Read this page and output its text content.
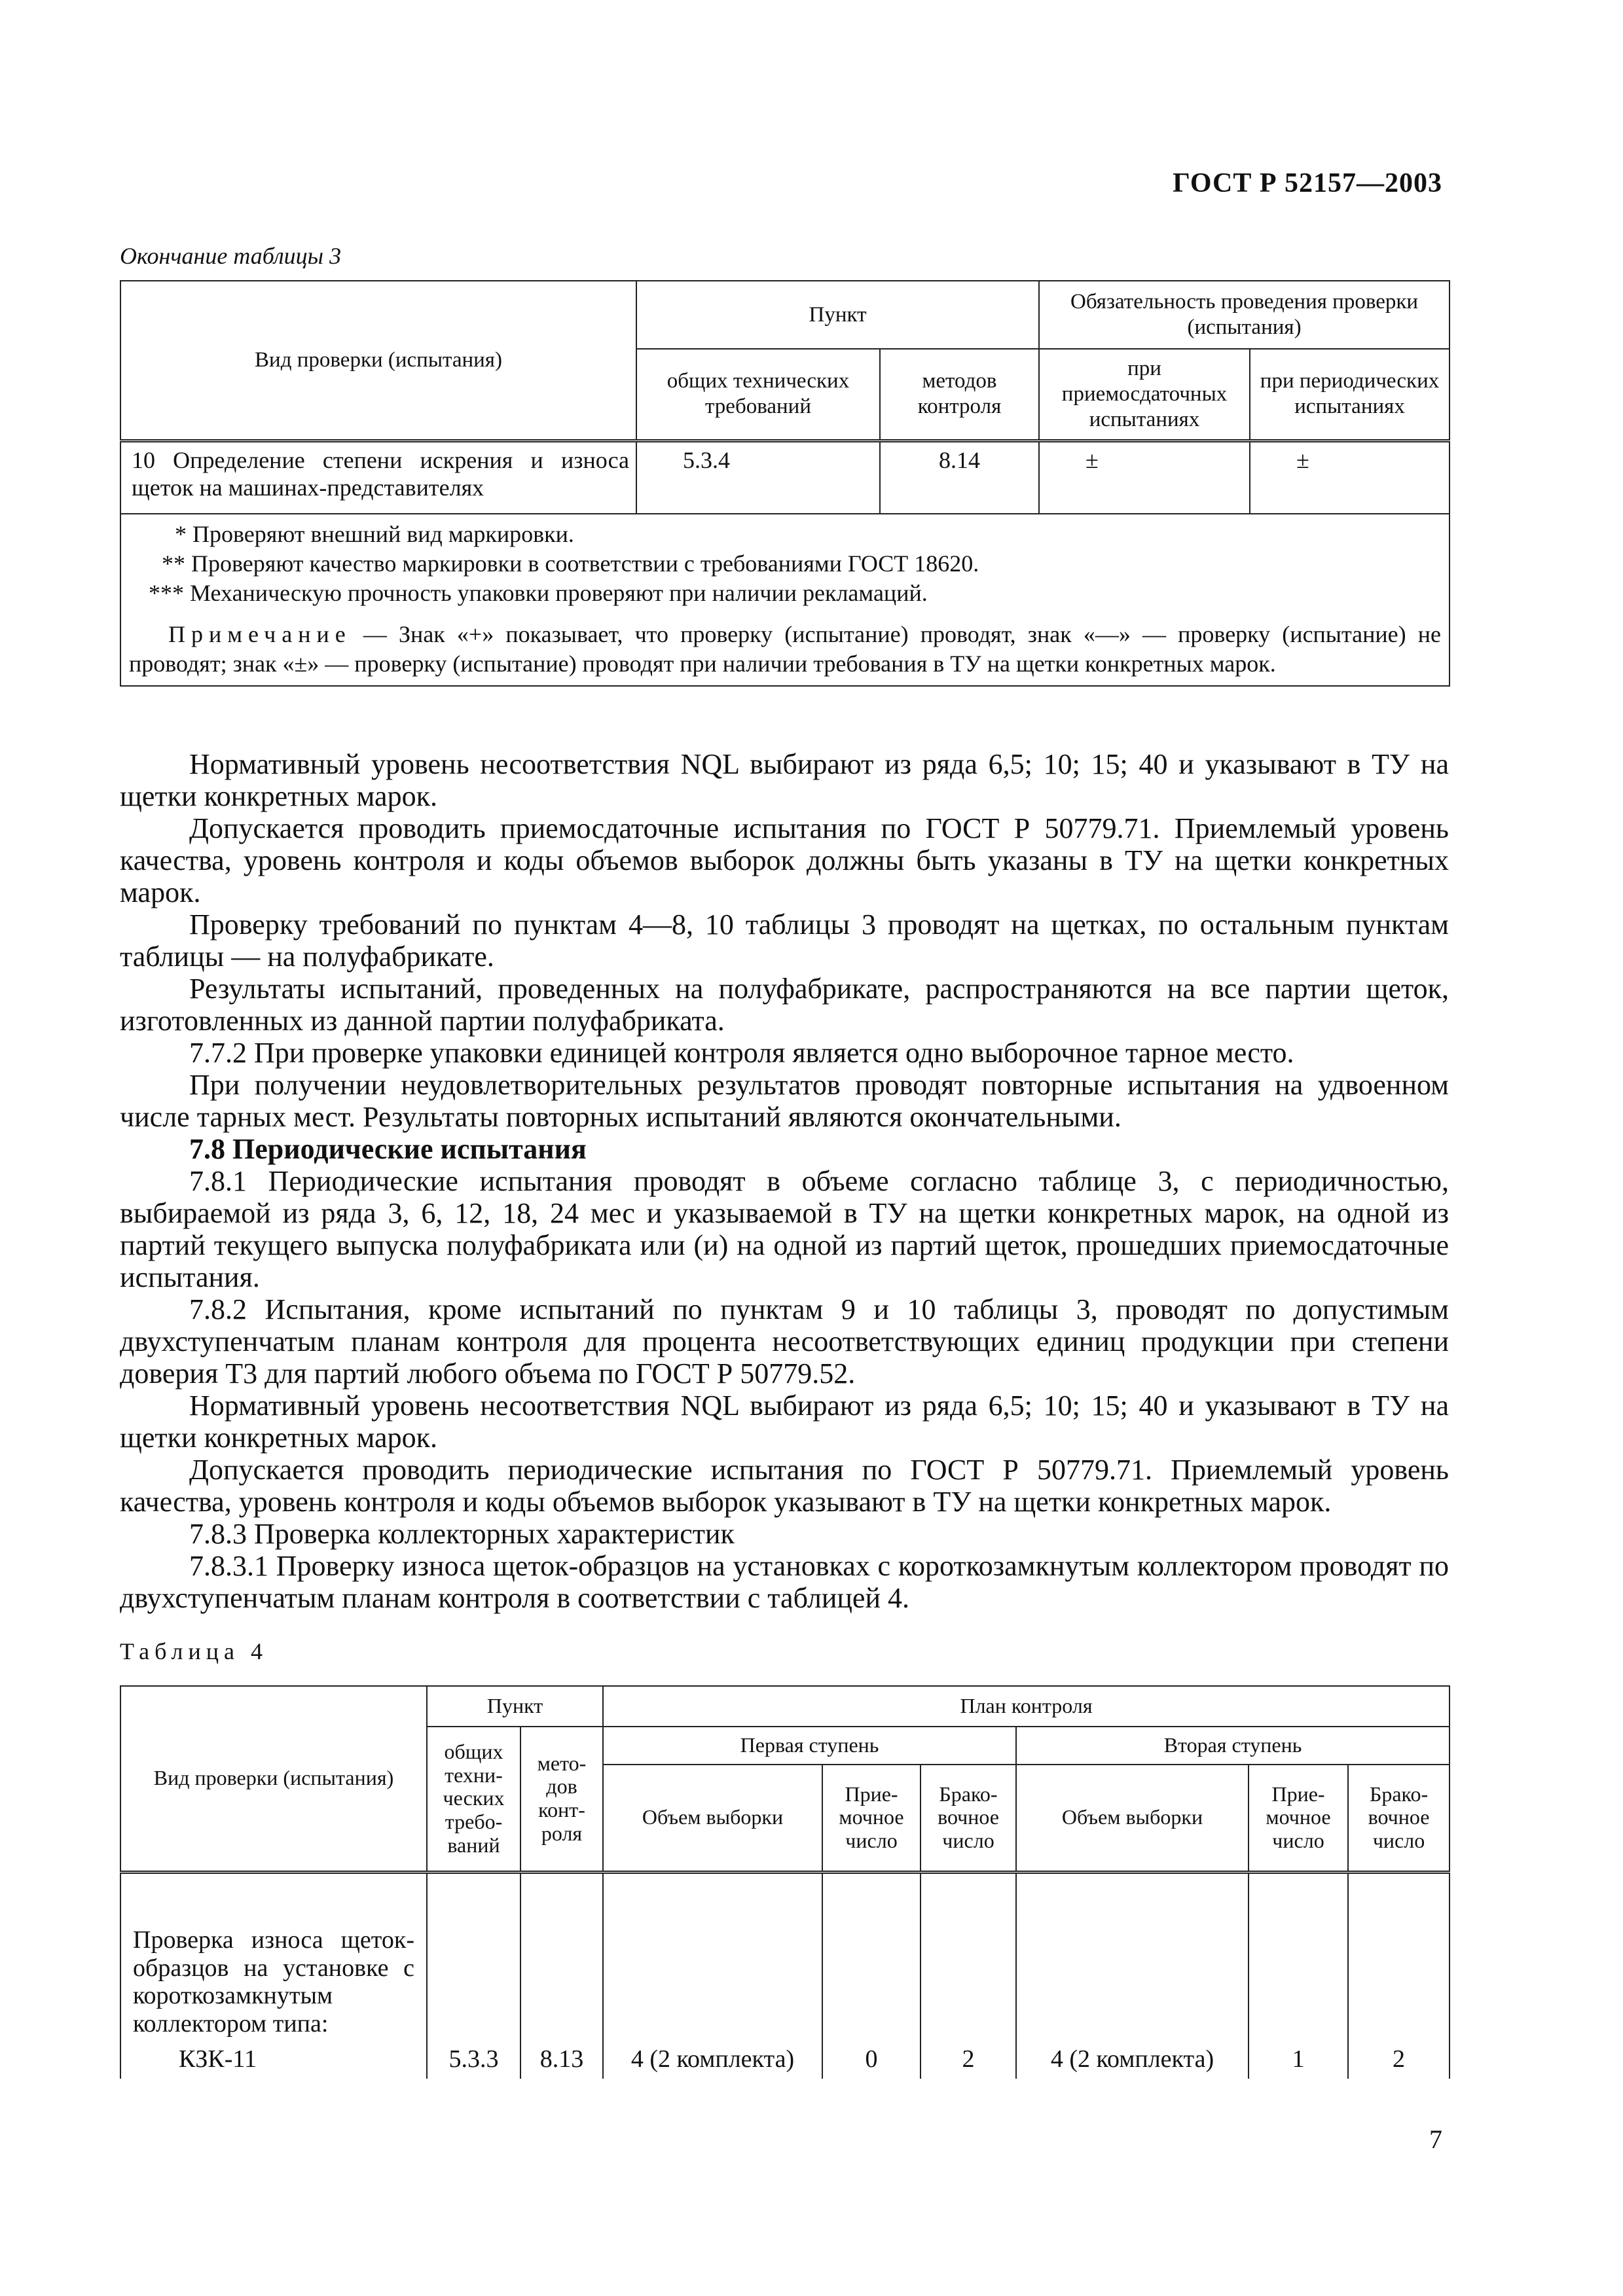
ГОСТ Р 52157—2003
Окончание таблицы 3
Вид проверки (испытания)	Пункт		Обязательность проведения проверки (испытания)	
	общих технических требований	методов контроля	при приемосдаточных испытаниях	при периодических испытаниях
10 Определение степени искрения и износа щеток на машинах-представителях	5.3.4	8.14	±	±

* Проверяют внешний вид маркировки.
** Проверяют качество маркировки в соответствии с требованиями ГОСТ 18620.
*** Механическую прочность упаковки проверяют при наличии рекламаций.
Примечание — Знак «+» показывает, что проверку (испытание) проводят, знак «—» — проверку (испытание) не проводят; знак «±» — проверку (испытание) проводят при наличии требования в ТУ на щетки конкретных марок.				

Нормативный уровень несоответствия NQL выбирают из ряда 6,5; 10; 15; 40 и указывают в ТУ на щетки конкретных марок.

Допускается проводить приемосдаточные испытания по ГОСТ Р 50779.71. Приемлемый уровень качества, уровень контроля и коды объемов выборок должны быть указаны в ТУ на щетки конкретных марок.

Проверку требований по пунктам 4—8, 10 таблицы 3 проводят на щетках, по остальным пунктам таблицы — на полуфабрикате.

Результаты испытаний, проведенных на полуфабрикате, распространяются на все партии щеток, изготовленных из данной партии полуфабриката.

7.7.2 При проверке упаковки единицей контроля является одно выборочное тарное место.

При получении неудовлетворительных результатов проводят повторные испытания на удвоенном числе тарных мест. Результаты повторных испытаний являются окончательными.

7.8 Периодические испытания

7.8.1 Периодические испытания проводят в объеме согласно таблице 3, с периодичностью, выбираемой из ряда 3, 6, 12, 18, 24 мес и указываемой в ТУ на щетки конкретных марок, на одной из партий текущего выпуска полуфабриката или (и) на одной из партий щеток, прошедших приемосдаточные испытания.

7.8.2 Испытания, кроме испытаний по пунктам 9 и 10 таблицы 3, проводят по допустимым двухступенчатым планам контроля для процента несоответствующих единиц продукции при степени доверия Т3 для партий любого объема по ГОСТ Р 50779.52.

Нормативный уровень несоответствия NQL выбирают из ряда 6,5; 10; 15; 40 и указывают в ТУ на щетки конкретных марок.

Допускается проводить периодические испытания по ГОСТ Р 50779.71. Приемлемый уровень качества, уровень контроля и коды объемов выборок указывают в ТУ на щетки конкретных марок.

7.8.3 Проверка коллекторных характеристик

7.8.3.1 Проверку износа щеток-образцов на установках с короткозамкнутым коллектором проводят по двухступенчатым планам контроля в соответствии с таблицей 4.

Таблица 4
Вид проверки (испытания)	Пункт		План контроля					
	общих техни-ческих требо-ваний	мето-дов конт-роля	Первая ступень			Вторая ступень		
			Объем выборки	Прие-мочное число	Брако-вочное число	Объем выборки	Прие-мочное число	Брако-вочное число

Проверка износа щеток-образцов на установке с короткозамкнутым коллектором типа:
КЗК-11	5.3.3	8.13	4 (2 комплекта)	0	2	4 (2 комплекта)	1	2
7
